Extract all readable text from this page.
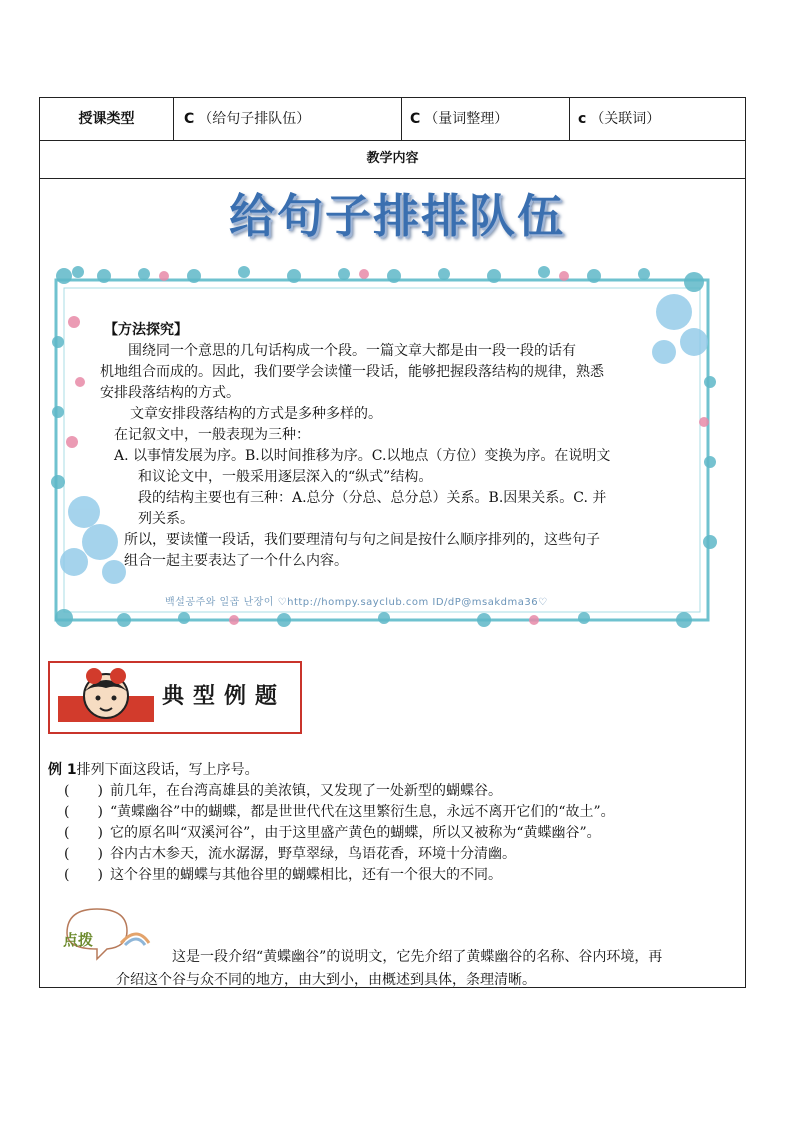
授课类型	C （给句子排队伍）	C （量词整理）	c （关联词）
教学内容
给句子排排队伍

【方法探究】

围绕同一个意思的几句话构成一个段。一篇文章大都是由一段一段的话有

机地组合而成的。因此，我们要学会读懂一段话，能够把握段落结构的规律，熟悉

安排段落结构的方式。

文章安排段落结构的方式是多种多样的。

在记叙文中，一般表现为三种：

A. 以事情发展为序。B.以时间推移为序。C.以地点（方位）变换为序。在说明文

和议论文中，一般采用逐层深入的“纵式”结构。

段的结构主要也有三种：A.总分（分总、总分总）关系。B.因果关系。C. 并

列关系。

所以，要读懂一段话，我们要理清句与句之间是按什么顺序排列的，这些句子

组合一起主要表达了一个什么内容。

백설공주와 일곱 난장이 ♡http://hompy.sayclub.com ID/dP@msakdma36♡
典型例题

例 1排列下面这段话，写上序号。

(　　) 前几年，在台湾高雄县的美浓镇，又发现了一处新型的蝴蝶谷。

(　　) “黄蝶幽谷”中的蝴蝶，都是世世代代在这里繁衍生息，永远不离开它们的“故土”。

(　　) 它的原名叫“双溪河谷”，由于这里盛产黄色的蝴蝶，所以又被称为“黄蝶幽谷”。

(　　) 谷内古木参天，流水潺潺，野草翠绿，鸟语花香，环境十分清幽。

(　　) 这个谷里的蝴蝶与其他谷里的蝴蝶相比，还有一个很大的不同。

点拨

这是一段介绍“黄蝶幽谷”的说明文，它先介绍了黄蝶幽谷的名称、谷内环境，再

介绍这个谷与众不同的地方，由大到小，由概述到具体，条理清晰。
